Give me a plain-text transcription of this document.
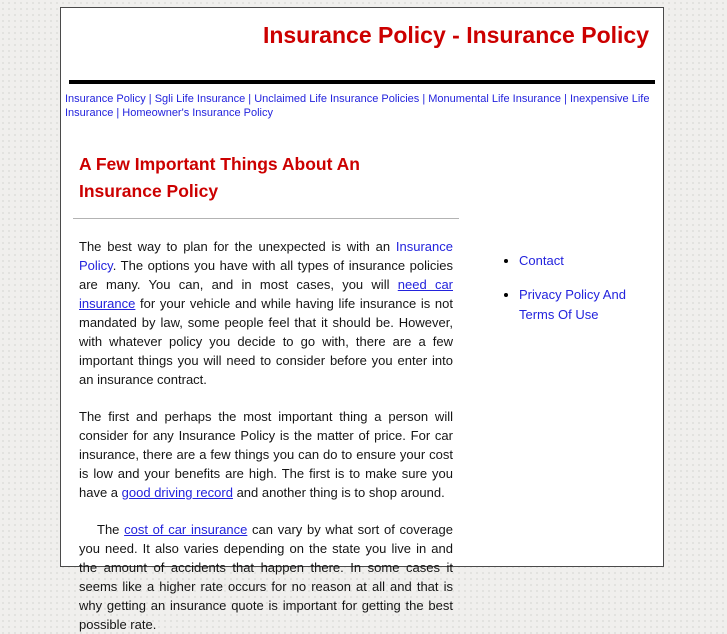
Insurance Policy - Insurance Policy
Insurance Policy | Sgli Life Insurance | Unclaimed Life Insurance Policies | Monumental Life Insurance | Inexpensive Life Insurance | Homeowner's Insurance Policy
A Few Important Things About An Insurance Policy

The best way to plan for the unexpected is with an Insurance Policy. The options you have with all types of insurance policies are many. You can, and in most cases, you will need car insurance for your vehicle and while having life insurance is not mandated by law, some people feel that it should be. However, with whatever policy you decide to go with, there are a few important things you will need to consider before you enter into an insurance contract.

The first and perhaps the most important thing a person will consider for any Insurance Policy is the matter of price. For car insurance, there are a few things you can do to ensure your cost is low and your benefits are high. The first is to make sure you have a good driving record and another thing is to shop around.

The cost of car insurance can vary by what sort of coverage you need. It also varies depending on the state you live in and the amount of accidents that happen there. In some cases it seems like a higher rate occurs for no reason at all and that is why getting an insurance quote is important for getting the best possible rate.

• Contact
• Privacy Policy And Terms Of Use
